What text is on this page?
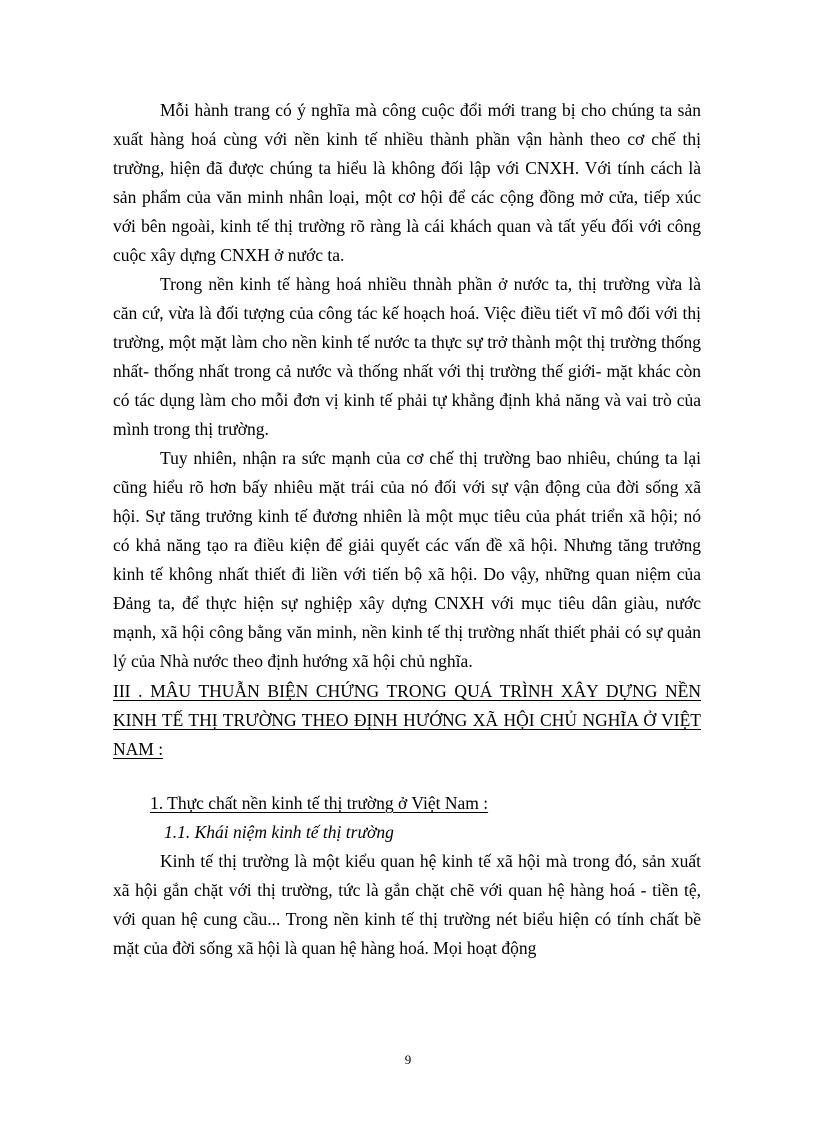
Mỗi hành trang có ý nghĩa mà công cuộc đổi mới trang bị cho chúng ta sản xuất hàng hoá cùng với nền kinh tế nhiều thành phần vận hành theo cơ chế thị trường, hiện đã được chúng ta hiểu là không đối lập với CNXH. Với tính cách là sản phẩm của văn minh nhân loại, một cơ hội để các cộng đồng mở cửa, tiếp xúc với bên ngoài, kinh tế thị trường rõ ràng là cái khách quan và tất yếu đối với công cuộc xây dựng CNXH ở nước ta.

Trong nền kinh tế hàng hoá nhiều thnàh phần ở nước ta, thị trường vừa là căn cứ, vừa là đối tượng của công tác kế hoạch hoá. Việc điều tiết vĩ mô đối với thị trường, một mặt làm cho nền kinh tế nước ta thực sự trở thành một thị trường thống nhất- thống nhất trong cả nước và thống nhất với thị trường thế giới- mặt khác còn có tác dụng làm cho mỗi đơn vị kinh tế phải tự khẳng định khả năng và vai trò của mình trong thị trường.

Tuy nhiên, nhận ra sức mạnh của cơ chế thị trường bao nhiêu, chúng ta lại cũng hiểu rõ hơn bấy nhiêu mặt trái của nó đối với sự vận động của đời sống xã hội. Sự tăng trưởng kinh tế đương nhiên là một mục tiêu của phát triển xã hội; nó có khả năng tạo ra điều kiện để giải quyết các vấn đề xã hội. Nhưng tăng trưởng kinh tế không nhất thiết đi liền với tiến bộ xã hội. Do vậy, những quan niệm của Đảng ta, để thực hiện sự nghiệp xây dựng CNXH với mục tiêu dân giàu, nước mạnh, xã hội công bằng văn minh, nền kinh tế thị trường nhất thiết phải có sự quản lý của Nhà nước theo định hướng xã hội chủ nghĩa.

III . MÂU THUẪN BIỆN CHỨNG TRONG QUÁ TRÌNH XÂY DỰNG NỀN KINH TẾ THỊ TRƯỜNG THEO ĐỊNH HƯỚNG XÃ HỘI CHỦ NGHĨA Ở VIỆT NAM :

1. Thực chất nền kinh tế thị trường ở Việt Nam :

1.1. Khái niệm kinh tế thị trường

Kinh tế thị trường là một kiểu quan hệ kinh tế xã hội mà trong đó, sản xuất xã hội gắn chặt với thị trường, tức là gắn chặt chẽ với quan hệ hàng hoá - tiền tệ, với quan hệ cung cầu... Trong nền kinh tế thị trường nét biểu hiện có tính chất bề mặt của đời sống xã hội là quan hệ hàng hoá. Mọi hoạt động

9
